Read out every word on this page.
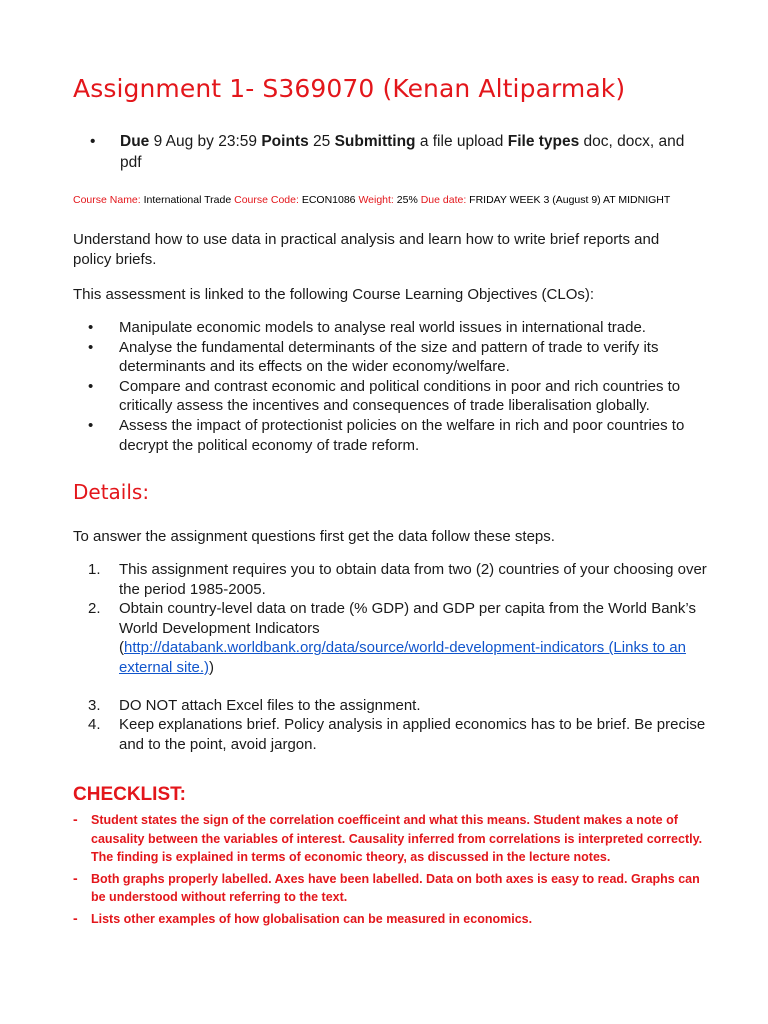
Assignment 1- S369070 (Kenan Altiparmak)
• Due 9 Aug by 23:59 Points 25 Submitting a file upload File types doc, docx, and pdf
Course Name: International Trade Course Code: ECON1086 Weight: 25% Due date: FRIDAY WEEK 3 (August 9) AT MIDNIGHT

Understand how to use data in practical analysis and learn how to write brief reports and policy briefs.

This assessment is linked to the following Course Learning Objectives (CLOs):

• Manipulate economic models to analyse real world issues in international trade.
• Analyse the fundamental determinants of the size and pattern of trade to verify its determinants and its effects on the wider economy/welfare.
• Compare and contrast economic and political conditions in poor and rich countries to critically assess the incentives and consequences of trade liberalisation globally.
• Assess the impact of protectionist policies on the welfare in rich and poor countries to decrypt the political economy of trade reform.
Details:

To answer the assignment questions first get the data follow these steps.

1. This assignment requires you to obtain data from two (2) countries of your choosing over the period 1985-2005.
2. Obtain country-level data on trade (% GDP) and GDP per capita from the World Bank’s World Development Indicators
(http://databank.worldbank.org/data/source/world-development-indicators (Links to an external site.))
3. DO NOT attach Excel files to the assignment.
4. Keep explanations brief. Policy analysis in applied economics has to be brief. Be precise and to the point, avoid jargon.
CHECKLIST:
- Student states the sign of the correlation coefficeint and what this means. Student makes a note of causality between the variables of interest. Causality inferred from correlations is interpreted correctly. The finding is explained in terms of economic theory, as discussed in the lecture notes.
- Both graphs properly labelled. Axes have been labelled. Data on both axes is easy to read. Graphs can be understood without referring to the text.
- Lists other examples of how globalisation can be measured in economics.
